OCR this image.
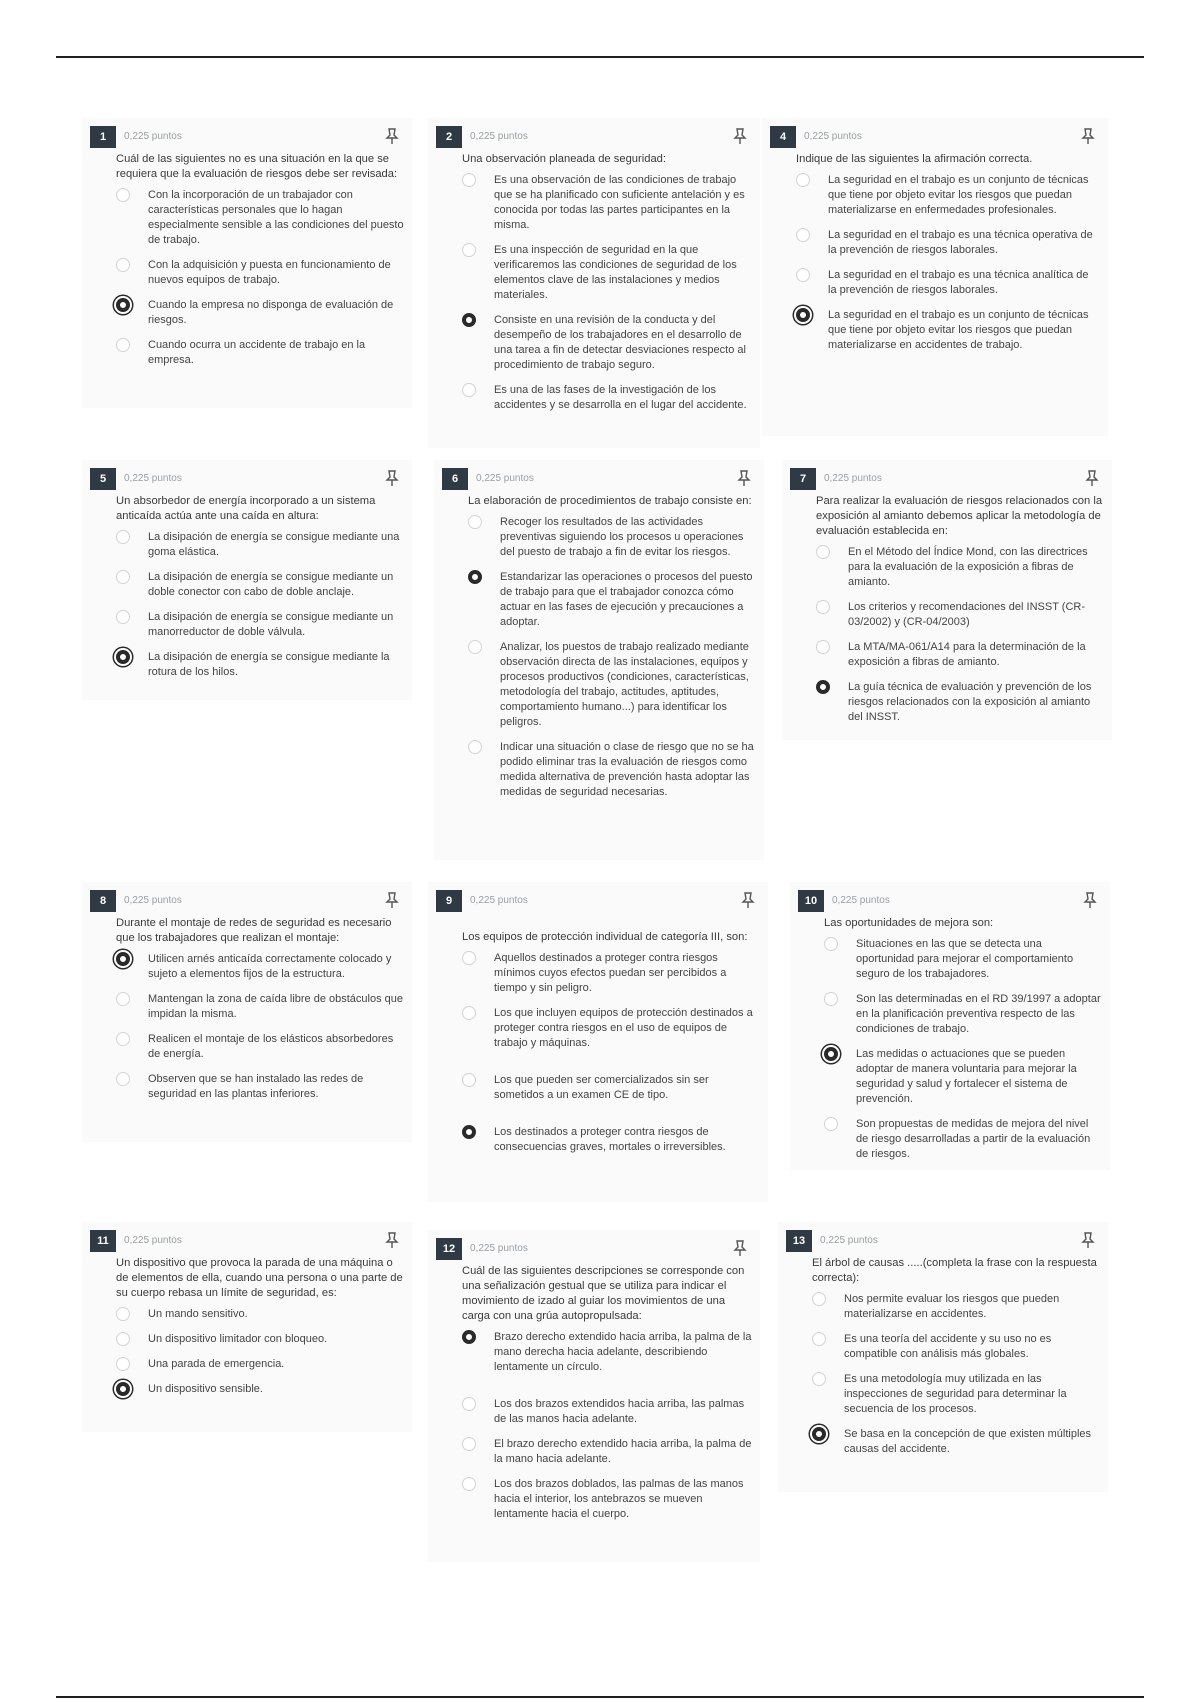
1	0,225 puntos
Cuál de las siguientes no es una situación en la que se requiera que la evaluación de riesgos debe ser revisada:
Con la incorporación de un trabajador con características personales que lo hagan especialmente sensible a las condiciones del puesto de trabajo.
Con la adquisición y puesta en funcionamiento de nuevos equipos de trabajo.
Cuando la empresa no disponga de evaluación de riesgos.
Cuando ocurra un accidente de trabajo en la empresa.
2	0,225 puntos
Una observación planeada de seguridad:
Es una observación de las condiciones de trabajo que se ha planificado con suficiente antelación y es conocida por todas las partes participantes en la misma.
Es una inspección de seguridad en la que verificaremos las condiciones de seguridad de los elementos clave de las instalaciones y medios materiales.
Consiste en una revisión de la conducta y del desempeño de los trabajadores en el desarrollo de una tarea a fin de detectar desviaciones respecto al procedimiento de trabajo seguro.
Es una de las fases de la investigación de los accidentes y se desarrolla en el lugar del accidente.
4	0,225 puntos
Indique de las siguientes la afirmación correcta.
La seguridad en el trabajo es un conjunto de técnicas que tiene por objeto evitar los riesgos que puedan materializarse en enfermedades profesionales.
La seguridad en el trabajo es una técnica operativa de la prevención de riesgos laborales.
La seguridad en el trabajo es una técnica analítica de la prevención de riesgos laborales.
La seguridad en el trabajo es un conjunto de técnicas que tiene por objeto evitar los riesgos que puedan materializarse en accidentes de trabajo.
5	0,225 puntos
Un absorbedor de energía incorporado a un sistema anticaída actúa ante una caída en altura:
La disipación de energía se consigue mediante una goma elástica.
La disipación de energía se consigue mediante un doble conector con cabo de doble anclaje.
La disipación de energía se consigue mediante un manorreductor de doble válvula.
La disipación de energía se consigue mediante la rotura de los hilos.
6	0,225 puntos
La elaboración de procedimientos de trabajo consiste en:
Recoger los resultados de las actividades preventivas siguiendo los procesos u operaciones del puesto de trabajo a fin de evitar los riesgos.
Estandarizar las operaciones o procesos del puesto de trabajo para que el trabajador conozca cómo actuar en las fases de ejecución y precauciones a adoptar.
Analizar, los puestos de trabajo realizado mediante observación directa de las instalaciones, equipos y procesos productivos (condiciones, características, metodología del trabajo, actitudes, aptitudes, comportamiento humano...) para identificar los peligros.
Indicar una situación o clase de riesgo que no se ha podido eliminar tras la evaluación de riesgos como medida alternativa de prevención hasta adoptar las medidas de seguridad necesarias.
7	0,225 puntos
Para realizar la evaluación de riesgos relacionados con la exposición al amianto debemos aplicar la metodología de evaluación establecida en:
En el Método del Índice Mond, con las directrices para la evaluación de la exposición a fibras de amianto.
Los criterios y recomendaciones del INSST (CR-03/2002) y (CR-04/2003)
La MTA/MA-061/A14 para la determinación de la exposición a fibras de amianto.
La guía técnica de evaluación y prevención de los riesgos relacionados con la exposición al amianto del INSST.
8	0,225 puntos
Durante el montaje de redes de seguridad es necesario que los trabajadores que realizan el montaje:
Utilicen arnés anticaída correctamente colocado y sujeto a elementos fijos de la estructura.
Mantengan la zona de caída libre de obstáculos que impidan la misma.
Realicen el montaje de los elásticos absorbedores de energía.
Observen que se han instalado las redes de seguridad en las plantas inferiores.
9	0,225 puntos
Los equipos de protección individual de categoría III, son:
Aquellos destinados a proteger contra riesgos mínimos cuyos efectos puedan ser percibidos a tiempo y sin peligro.
Los que incluyen equipos de protección destinados a proteger contra riesgos en el uso de equipos de trabajo y máquinas.
Los que pueden ser comercializados sin ser sometidos a un examen CE de tipo.
Los destinados a proteger contra riesgos de consecuencias graves, mortales o irreversibles.
10	0,225 puntos
Las oportunidades de mejora son:
Situaciones en las que se detecta una oportunidad para mejorar el comportamiento seguro de los trabajadores.
Son las determinadas en el RD 39/1997 a adoptar en la planificación preventiva respecto de las condiciones de trabajo.
Las medidas o actuaciones que se pueden adoptar de manera voluntaria para mejorar la seguridad y salud y fortalecer el sistema de prevención.
Son propuestas de medidas de mejora del nivel de riesgo desarrolladas a partir de la evaluación de riesgos.
11	0,225 puntos
Un dispositivo que provoca la parada de una máquina o de elementos de ella, cuando una persona o una parte de su cuerpo rebasa un límite de seguridad, es:
Un mando sensitivo.
Un dispositivo limitador con bloqueo.
Una parada de emergencia.
Un dispositivo sensible.
12	0,225 puntos
Cuál de las siguientes descripciones se corresponde con una señalización gestual que se utiliza para indicar el movimiento de izado al guiar los movimientos de una carga con una grúa autopropulsada:
Brazo derecho extendido hacia arriba, la palma de la mano derecha hacia adelante, describiendo lentamente un círculo.
Los dos brazos extendidos hacia arriba, las palmas de las manos hacia adelante.
El brazo derecho extendido hacia arriba, la palma de la mano hacia adelante.
Los dos brazos doblados, las palmas de las manos hacia el interior, los antebrazos se mueven lentamente hacia el cuerpo.
13	0,225 puntos
El árbol de causas .....(completa la frase con la respuesta correcta):
Nos permite evaluar los riesgos que pueden materializarse en accidentes.
Es una teoría del accidente y su uso no es compatible con análisis más globales.
Es una metodología muy utilizada en las inspecciones de seguridad para determinar la secuencia de los procesos.
Se basa en la concepción de que existen múltiples causas del accidente.
